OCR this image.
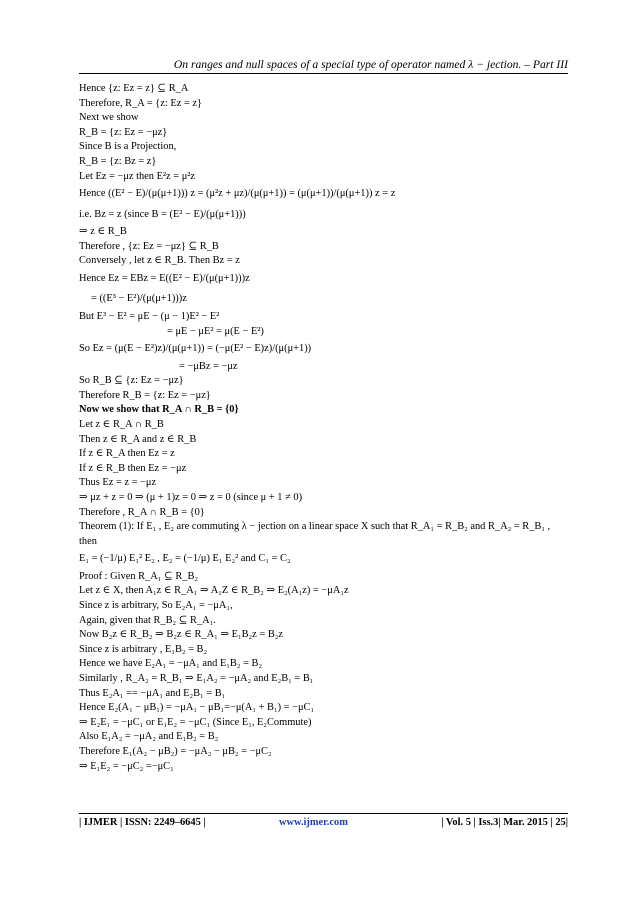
On ranges and null spaces of a special type of operator named λ − jection. – Part III
Hence {z: Ez = z} ⊆ R_A
Therefore, R_A = {z: Ez = z}
Next we show
R_B = {z: Ez = −μz}
Since B is a Projection,
R_B = {z: Bz = z}
Let Ez = −μz then E²z = μ²z
Hence ((E² − E)/(μ(μ+1))) z = (μ²z + μz)/(μ(μ+1)) = (μ(μ+1))/(μ(μ+1)) z = z
i.e. Bz = z (since B = (E² − E)/(μ(μ+1)))
⇒ z ∈ R_B
Therefore , {z: Ez = −μz} ⊆ R_B
Conversely , let z ∈ R_B. Then Bz = z
Hence Ez = EBz = E((E² − E)/(μ(μ+1)))z
= ((E³ − E²)/(μ(μ+1)))z
But E³ − E² = μE − (μ − 1)E² − E²
= μE − μE² = μ(E − E²)
So Ez = (μ(E − E²)z)/(μ(μ+1)) = (−μ(E² − E)z)/(μ(μ+1))
= −μBz = −μz
So R_B ⊆ {z: Ez = −μz}
Therefore R_B = {z: Ez = −μz}
Now we show that R_A ∩ R_B = {0}
Let z ∈ R_A ∩ R_B
Then z ∈ R_A and z ∈ R_B
If z ∈ R_A then Ez = z
If z ∈ R_B then Ez = −μz
Thus Ez = z = −μz
⇒ μz + z = 0 ⇒ (μ + 1)z = 0 ⇒ z = 0 (since μ + 1 ≠ 0)
Therefore , R_A ∩ R_B = {0}
Theorem (1): If E₁ , E₂ are commuting λ − jection on a linear space X such that R_A₁ = R_B₂ and R_A₂ = R_B₁ ,
then
E₁ = (−1/μ) E₁² E₂ , E₂ = (−1/μ) E₁ E₂² and C₁ = C₂
Proof : Given R_A₁ ⊆ R_B₂
Let z ∈ X, then A₁z ∈ R_A₁ ⇒ A₁Z ∈ R_B₂ ⇒ E₂(A₁z) = −μA₁z
Since z is arbitrary, So E₂A₁ = −μA₁,
Again, given that R_B₂ ⊆ R_A₁.
Now B₂z ∈ R_B₂ ⇒ B₂z ∈ R_A₁ ⇒ E₁B₂z = B₂z
Since z is arbitrary , E₁B₂ = B₂
Hence we have E₂A₁ = −μA₁ and E₁B₂ = B₂
Similarly , R_A₂ = R_B₁ ⇒ E₁A₂ = −μA₂ and E₂B₁ = B₁
Thus E₂A₁ == −μA₁ and E₂B₁ = B₁
Hence E₂(A₁ − μB₁) = −μA₁ − μB₁=−μ(A₁ + B₁) = −μC₁
⇒ E₂E₁ = −μC₁ or E₁E₂ = −μC₁ (Since E₁, E₂Commute)
Also E₁A₂ = −μA₂ and E₁B₂ = B₂
Therefore E₁(A₂ − μB₂) = −μA₂ − μB₂ = −μC₂
⇒ E₁E₂ = −μC₂ =−μC₁
| IJMER | ISSN: 2249–6645 |	www.ijmer.com	| Vol. 5 | Iss.3| Mar. 2015 | 25|
